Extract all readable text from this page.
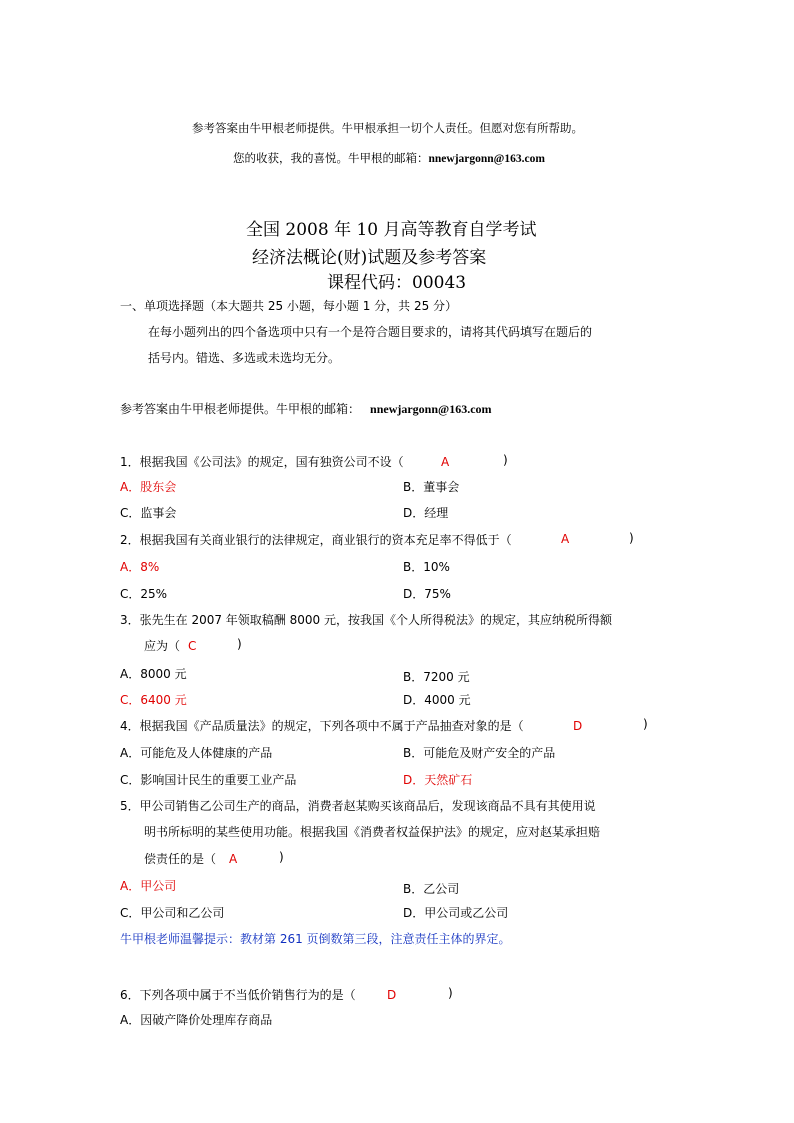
参考答案由牛甲根老师提供。牛甲根承担一切个人责任。但愿对您有所帮助。
您的收获，我的喜悦。牛甲根的邮箱：nnewjargonn@163.com
全国 2008 年 10 月高等教育自学考试
经济法概论(财)试题及参考答案
课程代码：00043
一、单项选择题（本大题共 25 小题，每小题 1 分，共 25 分）
在每小题列出的四个备选项中只有一个是符合题目要求的，请将其代码填写在题后的
括号内。错选、多选或未选均无分。
参考答案由牛甲根老师提供。牛甲根的邮箱： nnewjargonn@163.com
1．根据我国《公司法》的规定，国有独资公司不设（	A	)
A．股东会	B．董事会
C．监事会	D．经理
2．根据我国有关商业银行的法律规定，商业银行的资本充足率不得低于（	A	)
A．8%	B．10%
C．25%	D．75%
3．张先生在 2007 年领取稿酬 8000 元，按我国《个人所得税法》的规定，其应纳税所得额
应为（ C	)
A．8000 元	B．7200 元
C．6400 元	D．4000 元
4．根据我国《产品质量法》的规定，下列各项中不属于产品抽查对象的是（	D	)
A．可能危及人体健康的产品	B．可能危及财产安全的产品
C．影响国计民生的重要工业产品	D．天然矿石
5．甲公司销售乙公司生产的商品，消费者赵某购买该商品后，发现该商品不具有其使用说
明书所标明的某些使用功能。根据我国《消费者权益保护法》的规定，应对赵某承担赔
偿责任的是（ A	)
A．甲公司	B．乙公司
C．甲公司和乙公司	D．甲公司或乙公司
牛甲根老师温馨提示：教材第 261 页倒数第三段，注意责任主体的界定。
6．下列各项中属于不当低价销售行为的是（	D	)
A．因破产降价处理库存商品
